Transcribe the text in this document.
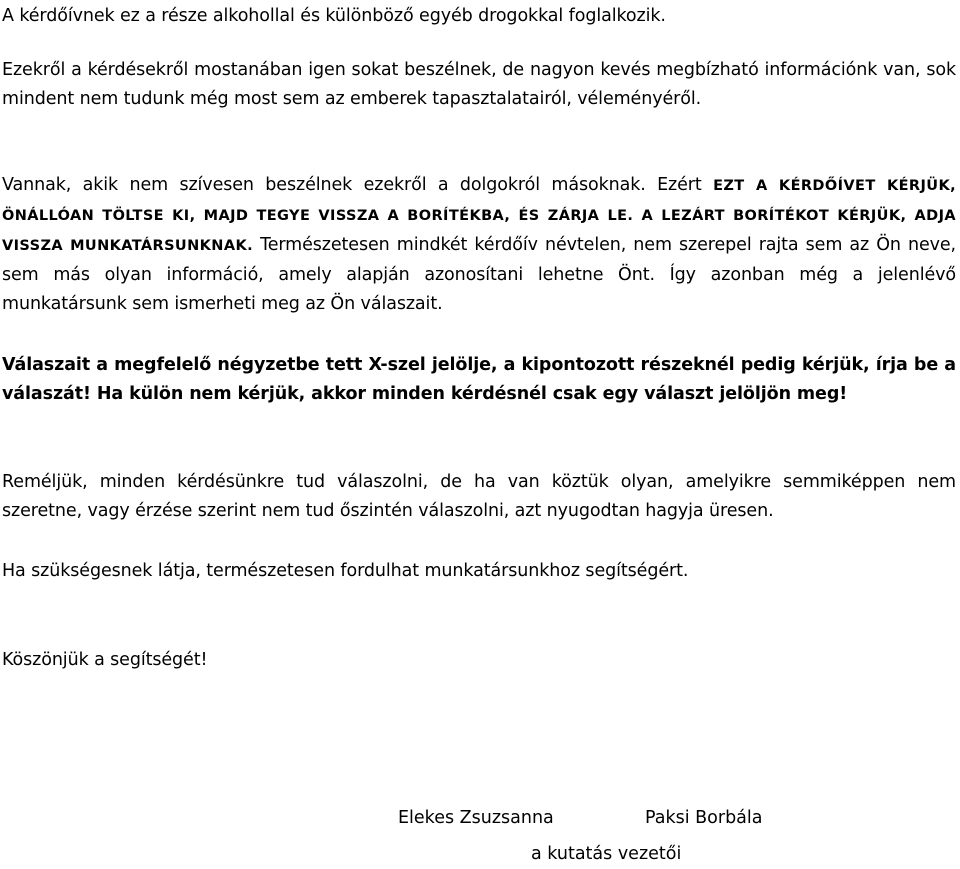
A kérdőívnek ez a része alkohollal és különböző egyéb drogokkal foglalkozik.

Ezekről a kérdésekről mostanában igen sokat beszélnek, de nagyon kevés megbízható információnk van, sok mindent nem tudunk még most sem az emberek tapasztalatairól, véleményéről.

Vannak, akik nem szívesen beszélnek ezekről a dolgokról másoknak. Ezért EZT A KÉRDŐÍVET KÉRJÜK, ÖNÁLLÓAN TÖLTSE KI, MAJD TEGYE VISSZA A BORÍTÉKBA, ÉS ZÁRJA LE. A LEZÁRT BORÍTÉKOT KÉRJÜK, ADJA VISSZA MUNKATÁRSUNKNAK. Természetesen mindkét kérdőív névtelen, nem szerepel rajta sem az Ön neve, sem más olyan információ, amely alapján azonosítani lehetne Önt. Így azonban még a jelenlévő munkatársunk sem ismerheti meg az Ön válaszait.

Válaszait a megfelelő négyzetbe tett X-szel jelölje, a kipontozott részeknél pedig kérjük, írja be a válaszát! Ha külön nem kérjük, akkor minden kérdésnél csak egy választ jelöljön meg!

Reméljük, minden kérdésünkre tud válaszolni, de ha van köztük olyan, amelyikre semmiképpen nem szeretne, vagy érzése szerint nem tud őszintén válaszolni, azt nyugodtan hagyja üresen.

Ha szükségesnek látja, természetesen fordulhat munkatársunkhoz segítségért.

Köszönjük a segítségét!

Elekes Zsuzsanna	Paksi Borbála
a kutatás vezetői
